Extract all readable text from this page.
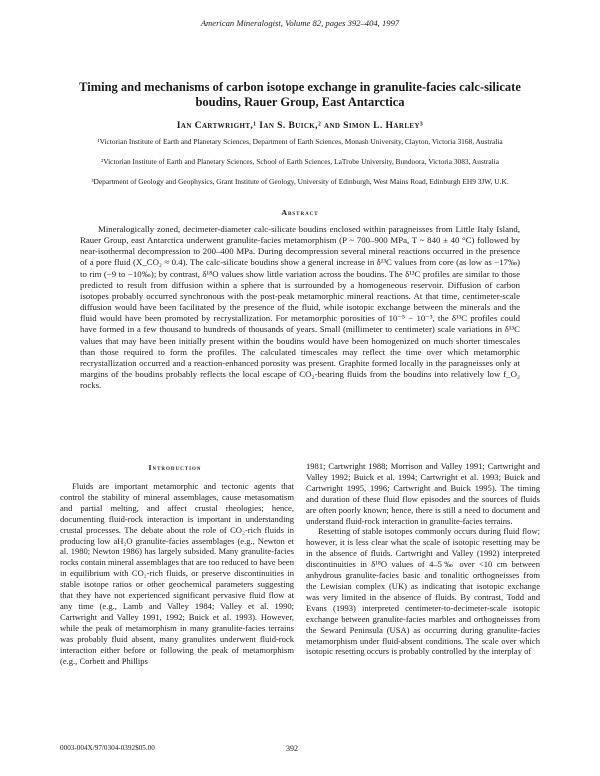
American Mineralogist, Volume 82, pages 392–404, 1997
Timing and mechanisms of carbon isotope exchange in granulite-facies calc-silicate boudins, Rauer Group, East Antarctica
Ian Cartwright,¹ Ian S. Buick,² and Simon L. Harley³
¹Victorian Institute of Earth and Planetary Sciences, Department of Earth Sciences, Monash University, Clayton, Victoria 3168, Australia
²Victorian Institute of Earth and Planetary Sciences, School of Earth Sciences, LaTrobe University, Bundoora, Victoria 3083, Australia
³Department of Geology and Geophysics, Grant Institute of Geology, University of Edinburgh, West Mains Road, Edinburgh EH9 3JW, U.K.
Abstract
Mineralogically zoned, decimeter-diameter calc-silicate boudins enclosed within paragneisses from Little Italy Island, Rauer Group, east Antarctica underwent granulite-facies metamorphism (P ~ 700–900 MPa, T ~ 840 ± 40 °C) followed by near-isothermal decompression to 200–400 MPa. During decompression several mineral reactions occurred in the presence of a pore fluid (X_CO₂ ≈ 0.4). The calc-silicate boudins show a general increase in δ¹³C values from core (as low as −17‰) to rim (−9 to −10‰); by contrast, δ¹⁸O values show little variation across the boudins. The δ¹³C profiles are similar to those predicted to result from diffusion within a sphere that is surrounded by a homogeneous reservoir. Diffusion of carbon isotopes probably occurred synchronous with the post-peak metamorphic mineral reactions. At that time, centimeter-scale diffusion would have been facilitated by the presence of the fluid, while isotopic exchange between the minerals and the fluid would have been promoted by recrystallization. For metamorphic porosities of 10⁻⁵ − 10⁻³, the δ¹³C profiles could have formed in a few thousand to hundreds of thousands of years. Small (millimeter to centimeter) scale variations in δ¹³C values that may have been initially present within the boudins would have been homogenized on much shorter timescales than those required to form the profiles. The calculated timescales may reflect the time over which metamorphic recrystallization occurred and a reaction-enhanced porosity was present. Graphite formed locally in the paragneisses only at margins of the boudins probably reflects the local escape of CO₂-bearing fluids from the boudins into relatively low f_O₂ rocks.
Introduction
Fluids are important metamorphic and tectonic agents that control the stability of mineral assemblages, cause metasomatism and partial melting, and affect crustal rheologies; hence, documenting fluid-rock interaction is important in understanding crustal processes. The debate about the role of CO₂-rich fluids in producing low aH₂O granulite-facies assemblages (e.g., Newton et al. 1980; Newton 1986) has largely subsided. Many granulite-facies rocks contain mineral assemblages that are too reduced to have been in equilibrium with CO₂-rich fluids, or preserve discontinuities in stable isotope ratios or other geochemical parameters suggesting that they have not experienced significant pervasive fluid flow at any time (e.g., Lamb and Valley 1984; Valley et al. 1990; Cartwright and Valley 1991, 1992; Buick et al. 1993). However, while the peak of metamorphism in many granulite-facies terrains was probably fluid absent, many granulites underwent fluid-rock interaction either before or following the peak of metamorphism (e.g., Corbett and Phillips

1981; Cartwright 1988; Morrison and Valley 1991; Cartwright and Valley 1992; Buick et al. 1994; Cartwright et al. 1993; Buick and Cartwright 1995, 1996; Cartwright and Buick 1995). The timing and duration of these fluid flow episodes and the sources of fluids are often poorly known; hence, there is still a need to document and understand fluid-rock interaction in granulite-facies terrains.

Resetting of stable isotopes commonly occurs during fluid flow; however, it is less clear what the scale of isotopic resetting may be in the absence of fluids. Cartwright and Valley (1992) interpreted discontinuities in δ¹⁸O values of 4–5‰ over <10 cm between anhydrous granulite-facies basic and tonalitic orthogneisses from the Lewisian complex (UK) as indicating that isotopic exchange was very limited in the absence of fluids. By contrast, Todd and Evans (1993) interpreted centimeter-to-decimeter-scale isotopic exchange between granulite-facies marbles and orthogneisses from the Seward Peninsula (USA) as occurring during granulite-facies metamorphism under fluid-absent conditions. The scale over which isotopic resetting occurs is probably controlled by the interplay of

0003-004X/97/0304-0392$05.00	392
